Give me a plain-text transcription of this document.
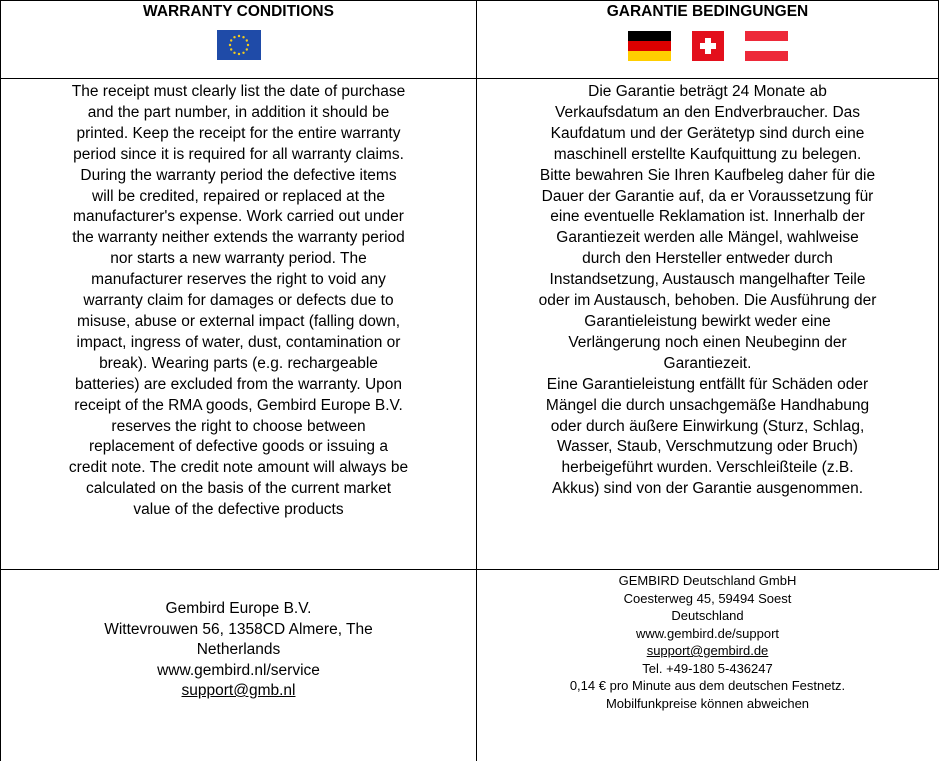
WARRANTY CONDITIONS	GARANTIE BEDINGUNGEN
The receipt must clearly list the date of purchase
and the part number, in addition it should be
printed. Keep the receipt for the entire warranty
period since it is required for all warranty claims.
During the warranty period the defective items
will be credited, repaired or replaced at the
manufacturer's expense. Work carried out under
the warranty neither extends the warranty period
nor starts a new warranty period. The
manufacturer reserves the right to void any
warranty claim for damages or defects due to
misuse, abuse or external impact (falling down,
impact, ingress of water, dust, contamination or
break). Wearing parts (e.g. rechargeable
batteries) are excluded from the warranty. Upon
receipt of the RMA goods, Gembird Europe B.V.
reserves the right to choose between
replacement of defective goods or issuing a
credit note. The credit note amount will always be
calculated on the basis of the current market
value of the defective products
Die Garantie beträgt 24 Monate ab
Verkaufsdatum an den Endverbraucher. Das
Kaufdatum und der Gerätetyp sind durch eine
maschinell erstellte Kaufquittung zu belegen.
Bitte bewahren Sie Ihren Kaufbeleg daher für die
Dauer der Garantie auf, da er Voraussetzung für
eine eventuelle Reklamation ist. Innerhalb der
Garantiezeit werden alle Mängel, wahlweise
durch den Hersteller entweder durch
Instandsetzung, Austausch mangelhafter Teile
oder im Austausch, behoben. Die Ausführung der
Garantieleistung bewirkt weder eine
Verlängerung noch einen Neubeginn der
Garantiezeit.
Eine Garantieleistung entfällt für Schäden oder
Mängel die durch unsachgemäße Handhabung
oder durch äußere Einwirkung (Sturz, Schlag,
Wasser, Staub, Verschmutzung oder Bruch)
herbeigeführt wurden. Verschleißteile (z.B.
Akkus) sind von der Garantie ausgenommen.
Gembird Europe B.V.
Wittevrouwen 56, 1358CD Almere, The
Netherlands
www.gembird.nl/service
support@gmb.nl
GEMBIRD Deutschland GmbH
Coesterweg 45, 59494 Soest
Deutschland
www.gembird.de/support
support@gembird.de
Tel. +49-180 5-436247
0,14 € pro Minute aus dem deutschen Festnetz.
Mobilfunkpreise können abweichen
